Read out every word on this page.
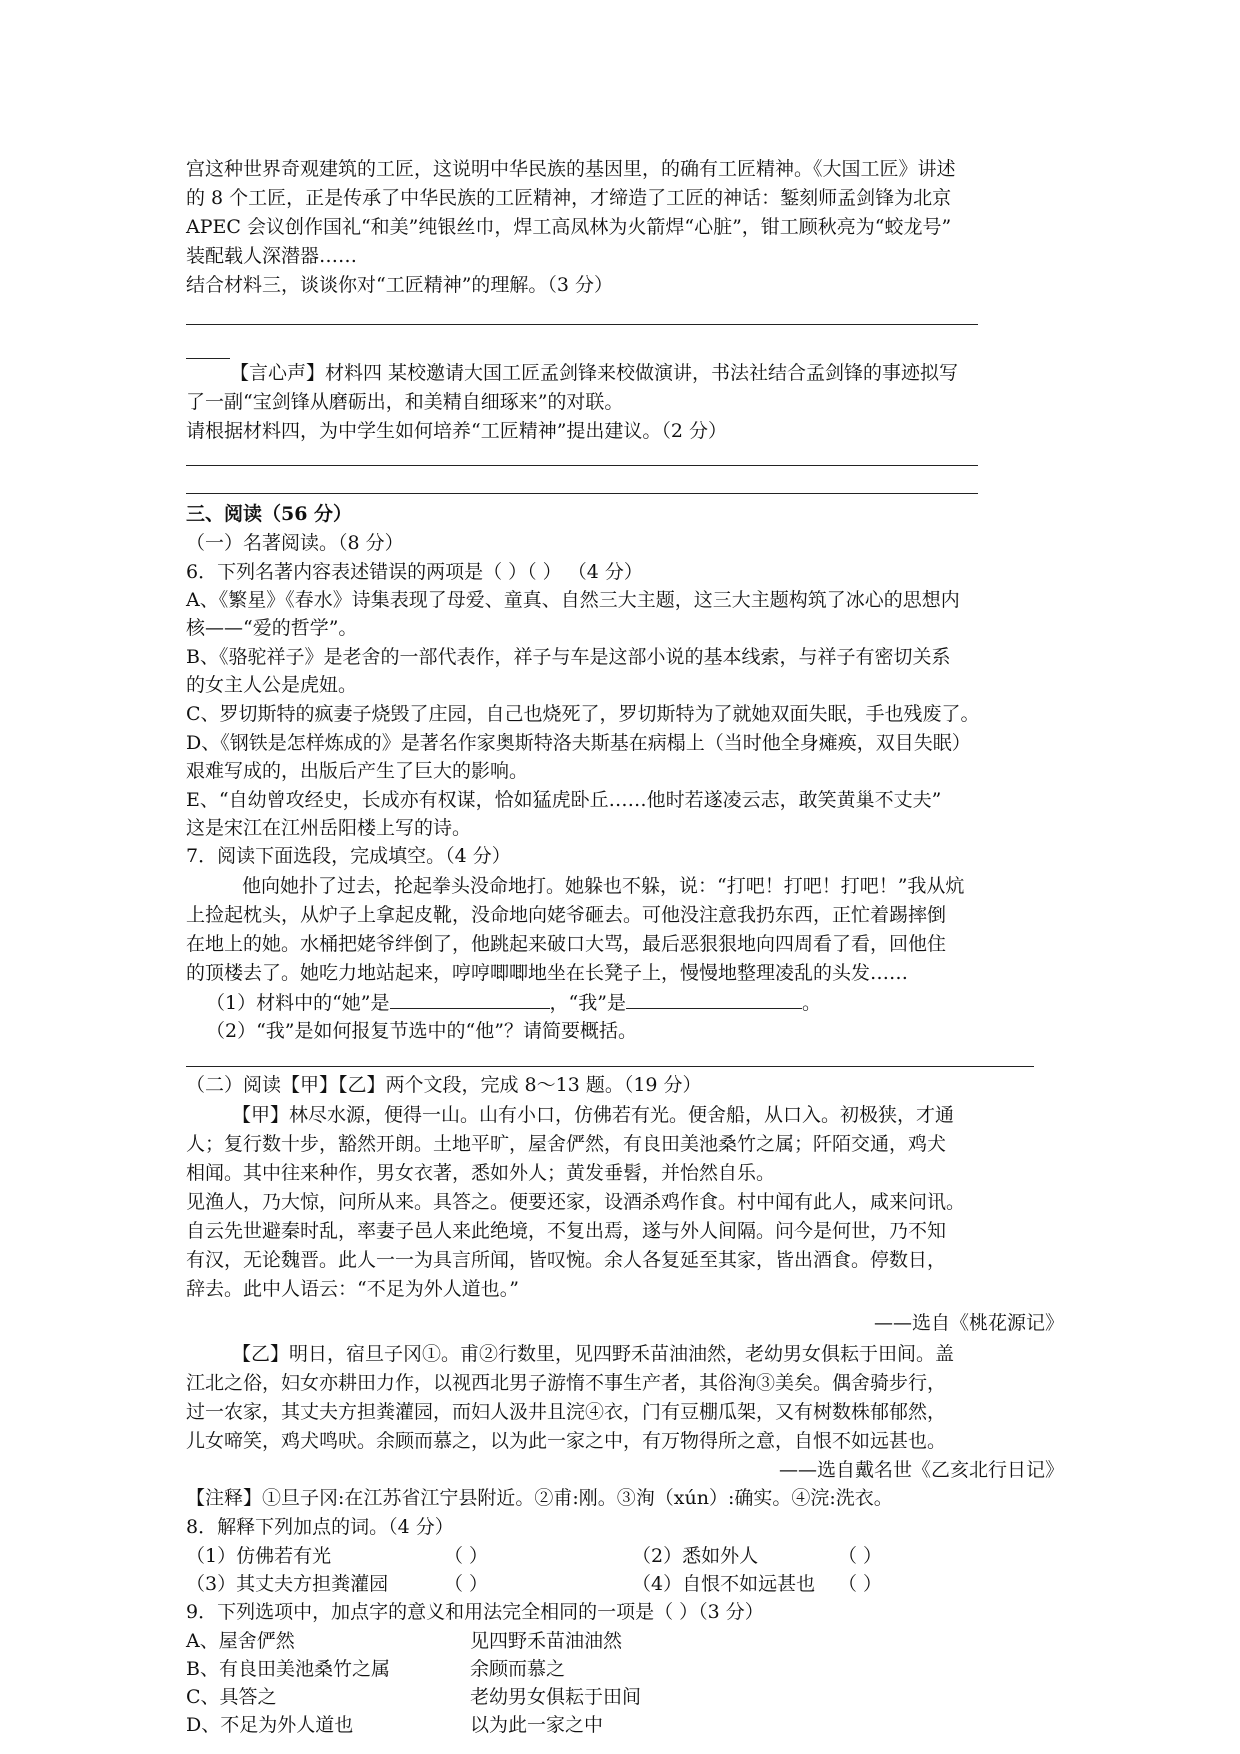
宫这种世界奇观建筑的工匠，这说明中华民族的基因里，的确有工匠精神。《大国工匠》讲述
的 8 个工匠，正是传承了中华民族的工匠精神，才缔造了工匠的神话：錾刻师孟剑锋为北京
APEC 会议创作国礼“和美”纯银丝巾，焊工高凤林为火箭焊“心脏”，钳工顾秋亮为“蛟龙号”
装配载人深潜器……
结合材料三，谈谈你对“工匠精神”的理解。（3 分）
【言心声】材料四 某校邀请大国工匠孟剑锋来校做演讲，书法社结合孟剑锋的事迹拟写
了一副“宝剑锋从磨砺出，和美精自细琢来”的对联。
请根据材料四，为中学生如何培养“工匠精神”提出建议。（2 分）
三、阅读（56 分）
（一）名著阅读。（8 分）
6．下列名著内容表述错误的两项是（ ）（ ） （4 分）
A、《繁星》《春水》诗集表现了母爱、童真、自然三大主题，这三大主题构筑了冰心的思想内
核——“爱的哲学”。
B、《骆驼祥子》是老舍的一部代表作，祥子与车是这部小说的基本线索，与祥子有密切关系
的女主人公是虎妞。
C、罗切斯特的疯妻子烧毁了庄园，自己也烧死了，罗切斯特为了就她双面失眠，手也残废了。
D、《钢铁是怎样炼成的》是著名作家奥斯特洛夫斯基在病榻上（当时他全身瘫痪，双目失眠）
艰难写成的，出版后产生了巨大的影响。
E、“自幼曾攻经史，长成亦有权谋，恰如猛虎卧丘……他时若遂凌云志，敢笑黄巢不丈夫”
这是宋江在江州岳阳楼上写的诗。
7．阅读下面选段，完成填空。（4 分）
他向她扑了过去，抡起拳头没命地打。她躲也不躲，说：“打吧！打吧！打吧！”我从炕
上捡起枕头，从炉子上拿起皮靴，没命地向姥爷砸去。可他没注意我扔东西，正忙着踢摔倒
在地上的她。水桶把姥爷绊倒了，他跳起来破口大骂，最后恶狠狠地向四周看了看，回他住
的顶楼去了。她吃力地站起来，哼哼唧唧地坐在长凳子上，慢慢地整理凌乱的头发……
（1）材料中的“她”是	，“我”是	。
（2）“我”是如何报复节选中的“他”？请简要概括。
（二）阅读【甲】【乙】两个文段，完成 8～13 题。（19 分）
【甲】林尽水源，便得一山。山有小口，仿佛若有光。便舍船，从口入。初极狭，才通
人；复行数十步，豁然开朗。土地平旷，屋舍俨然，有良田美池桑竹之属；阡陌交通，鸡犬
相闻。其中往来种作，男女衣著，悉如外人；黄发垂髫，并怡然自乐。
见渔人，乃大惊，问所从来。具答之。便要还家，设酒杀鸡作食。村中闻有此人，咸来问讯。
自云先世避秦时乱，率妻子邑人来此绝境，不复出焉，遂与外人间隔。问今是何世，乃不知
有汉，无论魏晋。此人一一为具言所闻，皆叹惋。余人各复延至其家，皆出酒食。停数日，
辞去。此中人语云：“不足为外人道也。”
——选自《桃花源记》
【乙】明日，宿旦子冈①。甫②行数里，见四野禾苗油油然，老幼男女俱耘于田间。盖
江北之俗，妇女亦耕田力作，以视西北男子游惰不事生产者，其俗洵③美矣。偶舍骑步行，
过一农家，其丈夫方担粪灌园，而妇人汲井且浣④衣，门有豆棚瓜架，又有树数株郁郁然，
儿女啼笑，鸡犬鸣吠。余顾而慕之，以为此一家之中，有万物得所之意，自恨不如远甚也。
——选自戴名世《乙亥北行日记》
【注释】①旦子冈:在江苏省江宁县附近。②甫:刚。③洵（xún）:确实。④浣:洗衣。
8．解释下列加点的词。（4 分）
（1）仿佛若有光	（ ）	（2）悉如外人	（ ）
（3）其丈夫方担粪灌园	（ ）	（4）自恨不如远甚也 （ ）
9．下列选项中，加点字的意义和用法完全相同的一项是（ ）（3 分）
A、屋舍俨然	见四野禾苗油油然
B、有良田美池桑竹之属	余顾而慕之
C、具答之	老幼男女俱耘于田间
D、不足为外人道也	以为此一家之中
